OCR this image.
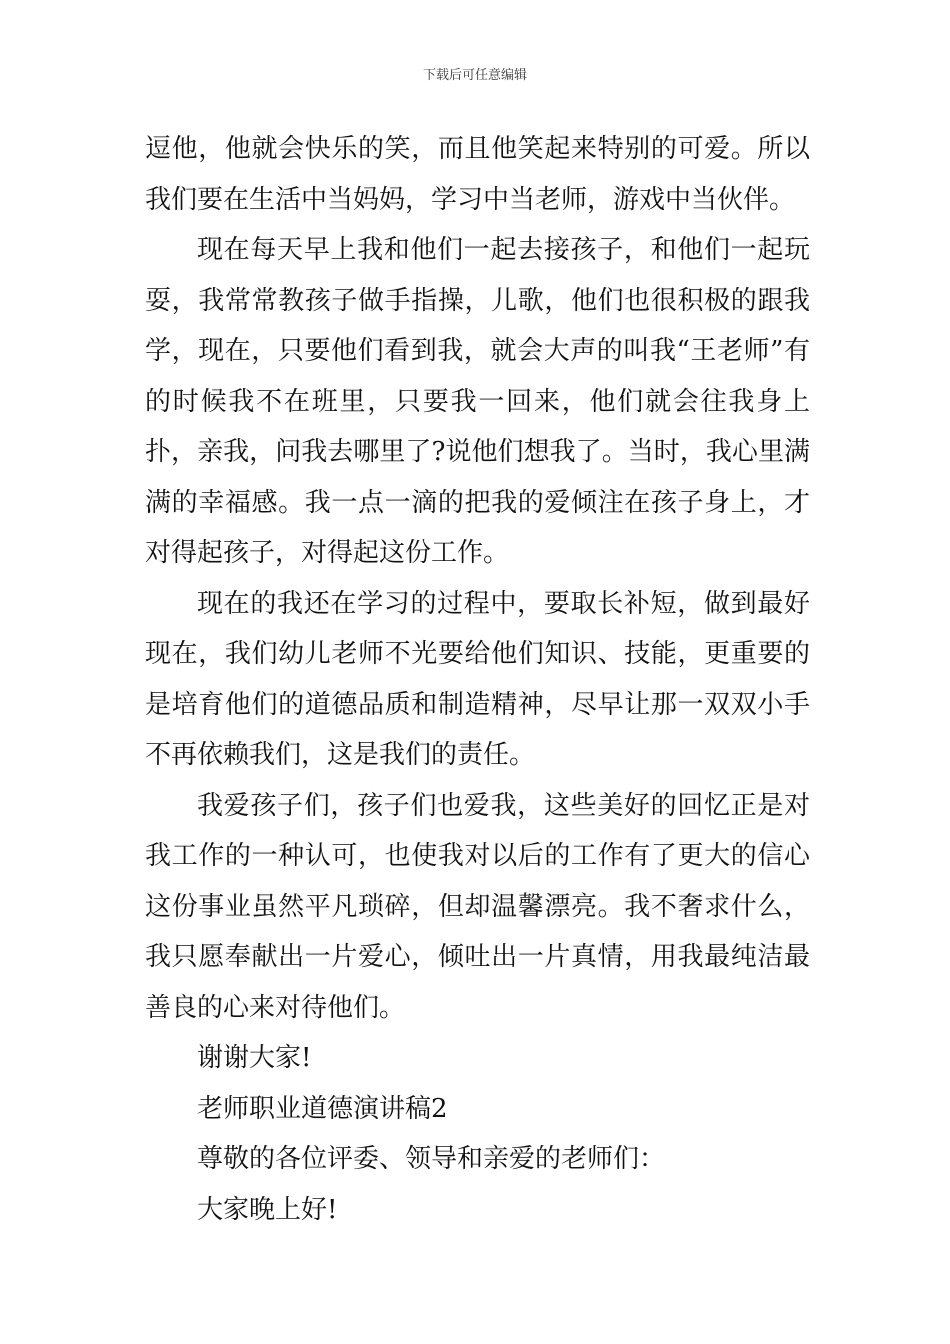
下载后可任意编辑

逗他，他就会快乐的笑，而且他笑起来特别的可爱。所以我们要在生活中当妈妈，学习中当老师，游戏中当伙伴。

现在每天早上我和他们一起去接孩子，和他们一起玩耍，我常常教孩子做手指操，儿歌，他们也很积极的跟我学，现在，只要他们看到我，就会大声的叫我“王老师”有的时候我不在班里，只要我一回来，他们就会往我身上扑，亲我，问我去哪里了?说他们想我了。当时，我心里满满的幸福感。我一点一滴的把我的爱倾注在孩子身上，才对得起孩子，对得起这份工作。

现在的我还在学习的过程中，要取长补短，做到最好现在，我们幼儿老师不光要给他们知识、技能，更重要的是培育他们的道德品质和制造精神，尽早让那一双双小手不再依赖我们，这是我们的责任。

我爱孩子们，孩子们也爱我，这些美好的回忆正是对我工作的一种认可，也使我对以后的工作有了更大的信心这份事业虽然平凡琐碎，但却温馨漂亮。我不奢求什么，我只愿奉献出一片爱心，倾吐出一片真情，用我最纯洁最善良的心来对待他们。

谢谢大家!

老师职业道德演讲稿2

尊敬的各位评委、领导和亲爱的老师们：

大家晚上好!
